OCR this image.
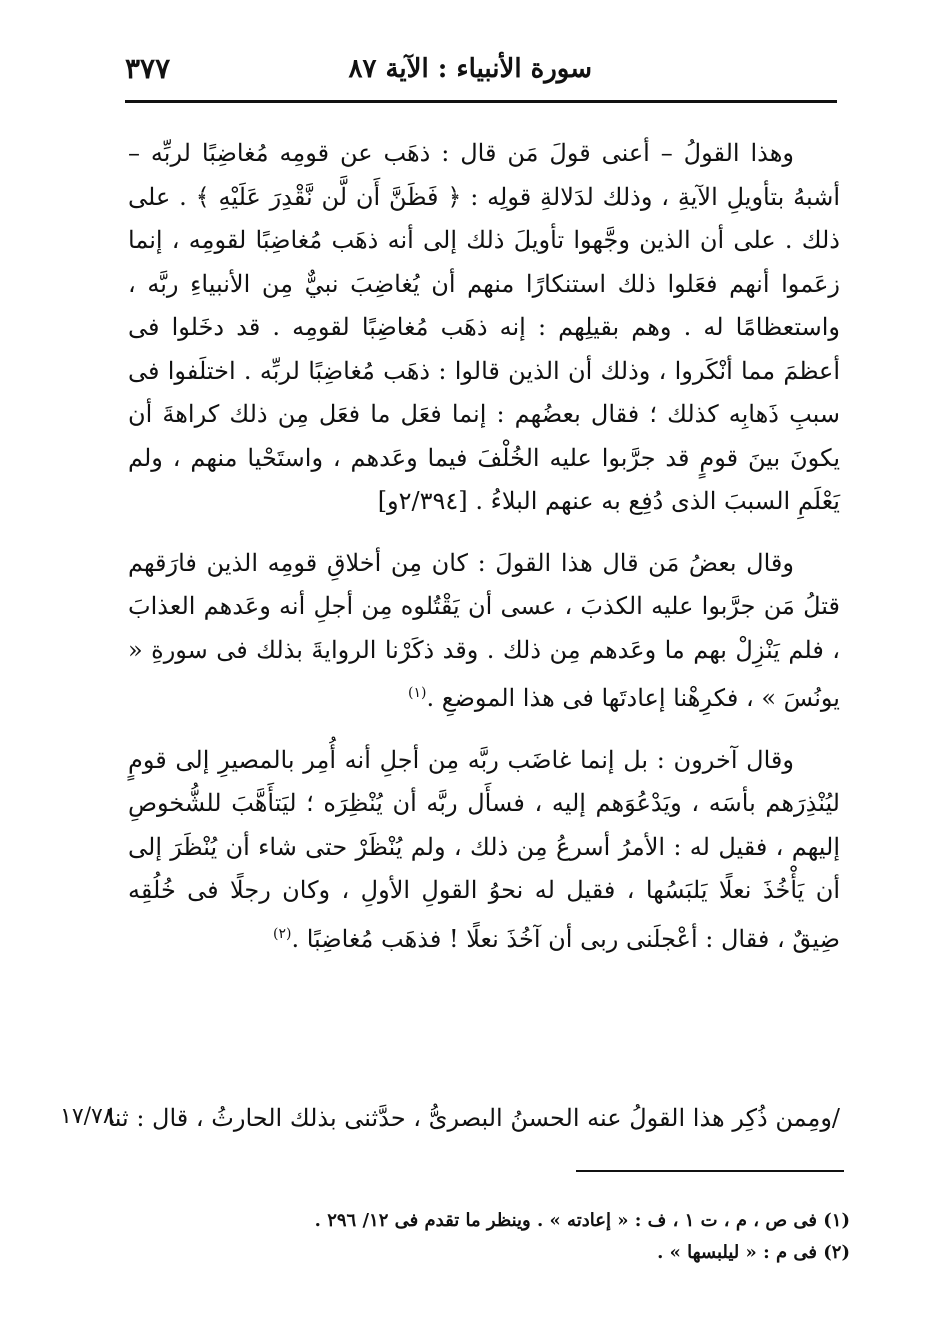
سورة الأنبياء : الآية ٨٧
٣٧٧

وهذا القولُ – أعنى قولَ مَن قال : ذهَب عن قومِه مُغاضِبًا لربِّه – أشبهُ بتأويلِ الآيةِ ، وذلك لدَلالةِ قولِه : ﴿ فَظَنَّ أَن لَّن نَّقْدِرَ عَلَيْهِ ﴾ . على ذلك . على أن الذين وجَّهوا تأويلَ ذلك إلى أنه ذهَب مُغاضِبًا لقومِه ، إنما زعَموا أنهم فعَلوا ذلك استنكارًا منهم أن يُغاضِبَ نبيٌّ مِن الأنبياءِ ربَّه ، واستعظامًا له . وهم بقيلِهم : إنه ذهَب مُغاضِبًا لقومِه . قد دخَلوا فى أعظمَ مما أنْكَروا ، وذلك أن الذين قالوا : ذهَب مُغاضِبًا لربِّه . اختلَفوا فى سببِ ذَهابِه كذلك ؛ فقال بعضُهم : إنما فعَل ما فعَل مِن ذلك كراهةَ أن يكونَ بينَ قومٍ قد جرَّبوا عليه الخُلْفَ فيما وعَدهم ، واستَحْيا منهم ، ولم يَعْلَمِ السببَ الذى دُفِع به عنهم البلاءُ . [٢/٣٩٤و]

وقال بعضُ مَن قال هذا القولَ : كان مِن أخلاقِ قومِه الذين فارَقهم قتلُ مَن جرَّبوا عليه الكذبَ ، عسى أن يَقْتُلوه مِن أجلِ أنه وعَدهم العذابَ ، فلم يَنْزِلْ بهم ما وعَدهم مِن ذلك . وقد ذكَرْنا الروايةَ بذلك فى سورةِ « يونُسَ » ، فكرِهْنا إعادتَها فى هذا الموضعِ .$^{(١)}$

وقال آخرون : بل إنما غاضَب ربَّه مِن أجلِ أنه أُمِر بالمصيرِ إلى قومٍ ليُنْذِرَهم بأسَه ، ويَدْعُوَهم إليه ، فسأَل ربَّه أن يُنْظِرَه ؛ ليَتأَهَّبَ للشُّخوصِ إليهم ، فقيل له : الأمرُ أسرعُ مِن ذلك ، ولم يُنْظَرْ حتى شاء أن يُنْظَرَ إلى أن يَأْخُذَ نعلًا يَلبَسُها ، فقيل له نحوُ القولِ الأولِ ، وكان رجلًا فى خُلُقِه ضِيقٌ ، فقال : أعْجلَنى ربى أن آخُذَ نعلًا ! فذهَب مُغاضِبًا .$^{(٢)}$

/ومِمن ذُكِر هذا القولُ عنه الحسنُ البصرىُّ ، حدَّثنى بذلك الحارثُ ، قال : ثنا
١٧/٧٨

(١) فى ص ، م ، ت ١ ، ف : « إعادته » . وينظر ما تقدم فى ١٢/ ٢٩٦ .

(٢) فى م : « ليلبسها » .
